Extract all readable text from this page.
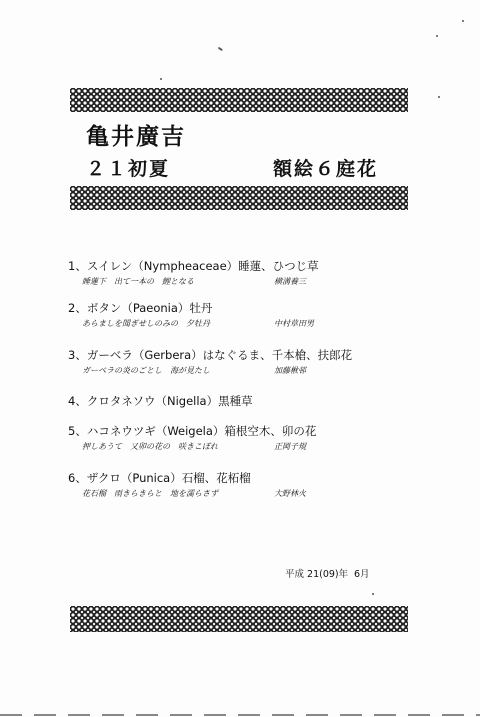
亀井廣吉
２１初夏	額絵６庭花
1、スイレン（Nympheaceae）睡蓮、ひつじ草
睡蓮下　出て一本の　鯉となる	横溝養三
2、ボタン（Paeonia）牡丹
あらましを聞ぎせしのみの　夕牡丹	中村草田男
3、ガーベラ（Gerbera）はなぐるま、千本槍、扶郎花
ガーベラの炎のごとし　海が見たし	加藤楸邨
4、クロタネソウ（Nigella）黒種草
5、ハコネウツギ（Weigela）箱根空木、卯の花
押しあうて　又卯の花の　咲きこぼれ	正岡子規
6、ザクロ（Punica）石榴、花柘榴
花石榴　雨きらきらと　地を濡らさず	大野林火
平成 21(09)年 6月
